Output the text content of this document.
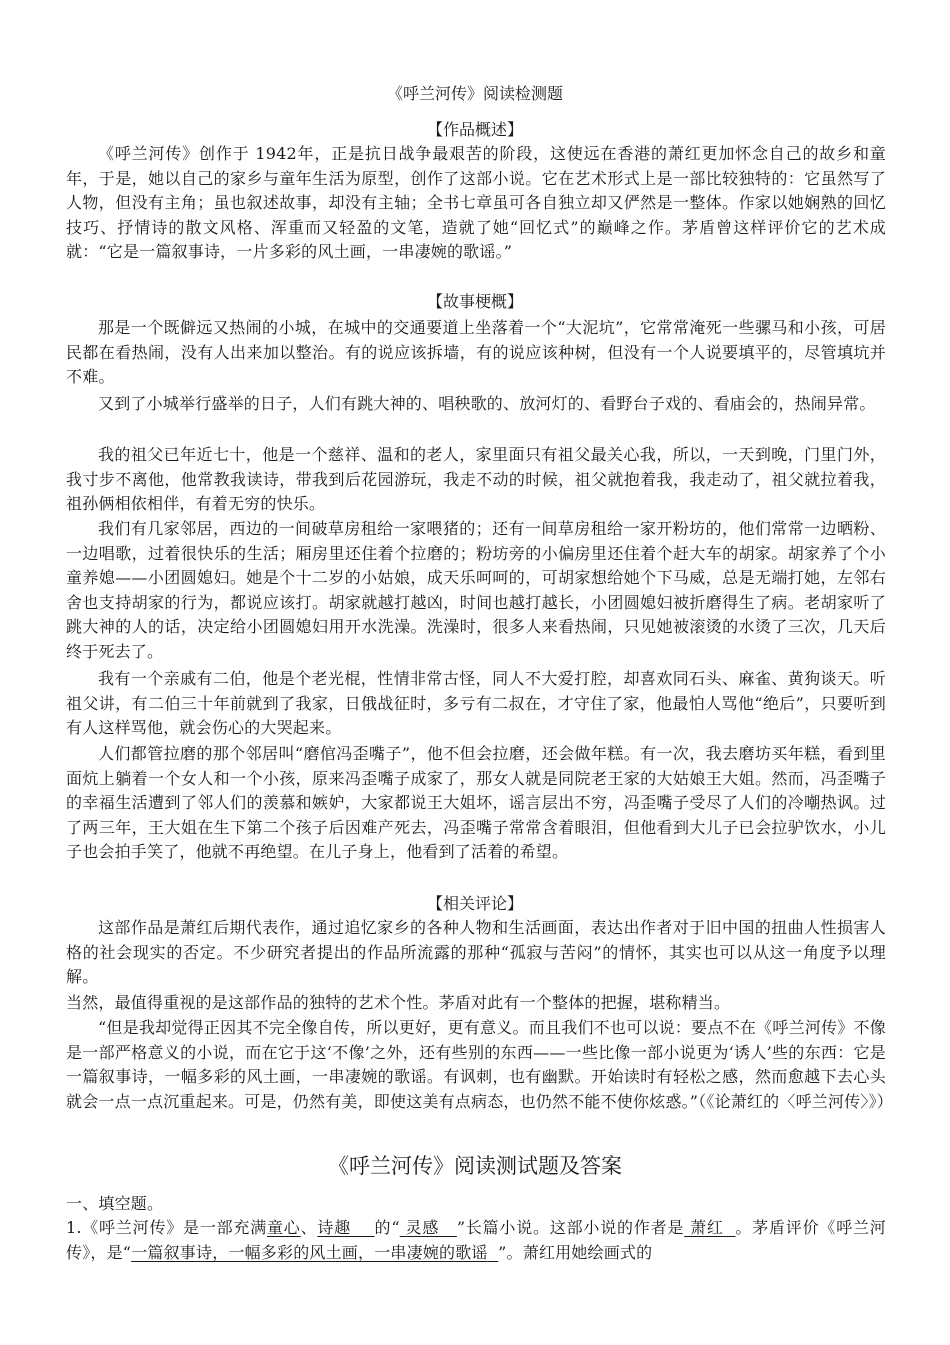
《呼兰河传》阅读检测题
【作品概述】
《呼兰河传》创作于 1942年，正是抗日战争最艰苦的阶段，这使远在香港的萧红更加怀念自己的故乡和童年，于是，她以自己的家乡与童年生活为原型，创作了这部小说。它在艺术形式上是一部比较独特的：它虽然写了人物，但没有主角；虽也叙述故事，却没有主轴；全书七章虽可各自独立却又俨然是一整体。作家以她娴熟的回忆技巧、抒情诗的散文风格、浑重而又轻盈的文笔，造就了她“回忆式”的巅峰之作。茅盾曾这样评价它的艺术成就：“它是一篇叙事诗，一片多彩的风土画，一串凄婉的歌谣。”
【故事梗概】
那是一个既僻远又热闹的小城，在城中的交通要道上坐落着一个“大泥坑”，它常常淹死一些骡马和小孩，可居民都在看热闹，没有人出来加以整治。有的说应该拆墙，有的说应该种树，但没有一个人说要填平的，尽管填坑并不难。
又到了小城举行盛举的日子，人们有跳大神的、唱秧歌的、放河灯的、看野台子戏的、看庙会的，热闹异常。
我的祖父已年近七十，他是一个慈祥、温和的老人，家里面只有祖父最关心我，所以，一天到晚，门里门外，我寸步不离他，他常教我读诗，带我到后花园游玩，我走不动的时候，祖父就抱着我，我走动了，祖父就拉着我，祖孙俩相依相伴，有着无穷的快乐。
我们有几家邻居，西边的一间破草房租给一家喂猪的；还有一间草房租给一家开粉坊的，他们常常一边晒粉、一边唱歌，过着很快乐的生活；厢房里还住着个拉磨的；粉坊旁的小偏房里还住着个赶大车的胡家。胡家养了个小童养媳——小团圆媳妇。她是个十二岁的小姑娘，成天乐呵呵的，可胡家想给她个下马威，总是无端打她，左邻右舍也支持胡家的行为，都说应该打。胡家就越打越凶，时间也越打越长，小团圆媳妇被折磨得生了病。老胡家听了跳大神的人的话，决定给小团圆媳妇用开水洗澡。洗澡时，很多人来看热闹，只见她被滚烫的水烫了三次，几天后终于死去了。
我有一个亲戚有二伯，他是个老光棍，性情非常古怪，同人不大爱打腔，却喜欢同石头、麻雀、黄狗谈天。听祖父讲，有二伯三十年前就到了我家，日俄战征时，多亏有二叔在，才守住了家，他最怕人骂他“绝后”，只要听到有人这样骂他，就会伤心的大哭起来。
人们都管拉磨的那个邻居叫“磨倌冯歪嘴子”，他不但会拉磨，还会做年糕。有一次，我去磨坊买年糕，看到里面炕上躺着一个女人和一个小孩，原来冯歪嘴子成家了，那女人就是同院老王家的大姑娘王大姐。然而，冯歪嘴子的幸福生活遭到了邻人们的羡慕和嫉妒，大家都说王大姐坏，谣言层出不穷，冯歪嘴子受尽了人们的冷嘲热讽。过了两三年，王大姐在生下第二个孩子后因难产死去，冯歪嘴子常常含着眼泪，但他看到大儿子已会拉驴饮水，小儿子也会拍手笑了，他就不再绝望。在儿子身上，他看到了活着的希望。
【相关评论】
这部作品是萧红后期代表作，通过追忆家乡的各种人物和生活画面，表达出作者对于旧中国的扭曲人性损害人格的社会现实的否定。不少研究者提出的作品所流露的那种“孤寂与苦闷”的情怀，其实也可以从这一角度予以理解。
当然，最值得重视的是这部作品的独特的艺术个性。茅盾对此有一个整体的把握，堪称精当。
“但是我却觉得正因其不完全像自传，所以更好，更有意义。而且我们不也可以说：要点不在《呼兰河传》不像是一部严格意义的小说，而在它于这‘不像’之外，还有些别的东西——一些比像一部小说更为‘诱人’些的东西：它是一篇叙事诗，一幅多彩的风土画，一串凄婉的歌谣。有讽刺，也有幽默。开始读时有轻松之感，然而愈越下去心头就会一点一点沉重起来。可是，仍然有美，即使这美有点病态，也仍然不能不使你炫惑。”（《论萧红的〈呼兰河传〉》）
《呼兰河传》阅读测试题及答案
一、填空题。
1.《呼兰河传》是一部充满童心、诗趣 的“ 灵感 ”长篇小说。这部小说的作者是 萧红 。茅盾评价《呼兰河传》，是“一篇叙事诗，一幅多彩的风土画，一串凄婉的歌谣 ”。萧红用她绘画式的
